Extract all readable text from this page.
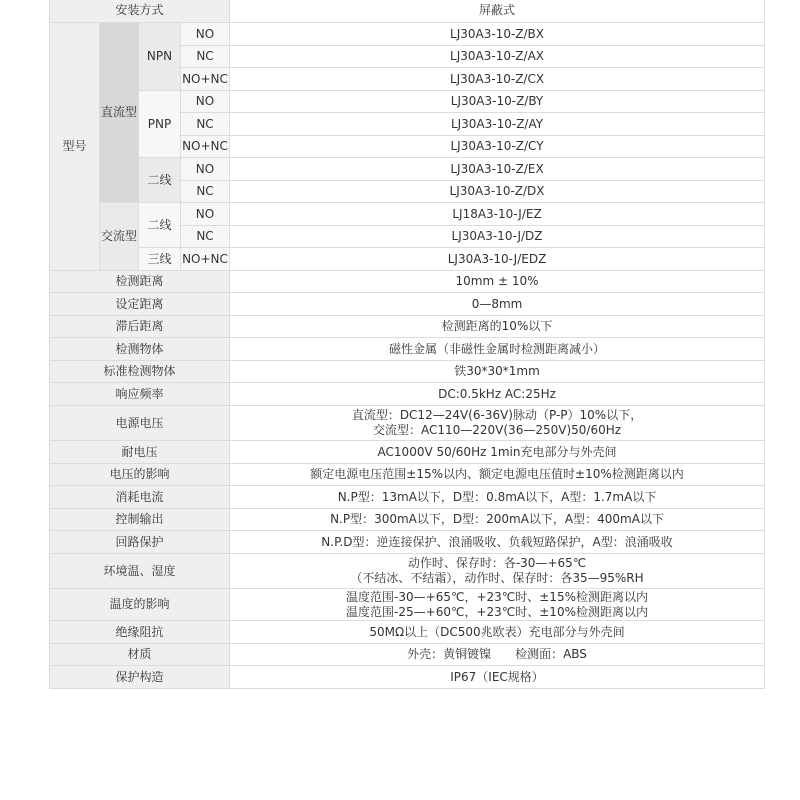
安装方式				屏蔽式
型号	直流型	NPN	NO	LJ30A3-10-Z/BX
			NC	LJ30A3-10-Z/AX
			NO+NC	LJ30A3-10-Z/CX
		PNP	NO	LJ30A3-10-Z/BY
			NC	LJ30A3-10-Z/AY
			NO+NC	LJ30A3-10-Z/CY
		二线	NO	LJ30A3-10-Z/EX
			NC	LJ30A3-10-Z/DX
	交流型	二线	NO	LJ18A3-10-J/EZ
			NC	LJ30A3-10-J/DZ
		三线	NO+NC	LJ30A3-10-J/EDZ
检测距离				10mm ± 10%

设定距离				0—8mm

滞后距离				检测距离的10%以下

检测物体				磁性金属（非磁性金属时检测距离减小）

标准检测物体				铁30*30*1mm

响应频率				DC:0.5kHz AC:25Hz

电源电压				直流型：DC12—24V(6-36V)脉动（P-P）10%以下，
交流型：AC110—220V(36—250V)50/60Hz

耐电压				AC1000V 50/60Hz 1min充电部分与外壳间

电压的影响				额定电源电压范围±15%以内、额定电源电压值时±10%检测距离以内

消耗电流				N.P型：13mA以下，D型：0.8mA以下，A型：1.7mA以下

控制输出				N.P型：300mA以下，D型：200mA以下，A型：400mA以下

回路保护				N.P.D型：逆连接保护、浪涌吸收、负载短路保护，A型：浪涌吸收

环境温、湿度				动作时、保存时：各-30—+65℃
（不结冰、不结霜），动作时、保存时：各35—95%RH

温度的影响				温度范围-30—+65℃，+23℃时、±15%检测距离以内
温度范围-25—+60℃，+23℃时、±10%检测距离以内

绝缘阻抗				50MΩ以上（DC500兆欧表）充电部分与外壳间

材质				外壳：黄铜镀镍　　检测面：ABS

保护构造				IP67（IEC规格）
